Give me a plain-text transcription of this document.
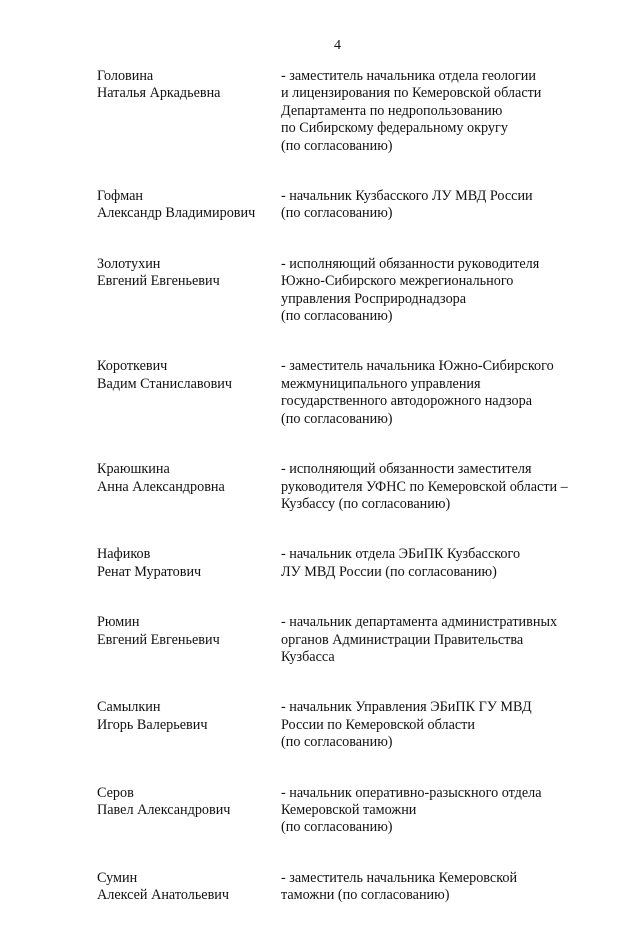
4
Головина
Наталья Аркадьевна
- заместитель начальника отдела геологии
и лицензирования по Кемеровской области
Департамента по недропользованию
по Сибирскому федеральному округу
(по согласованию)
Гофман
Александр Владимирович
- начальник Кузбасского ЛУ МВД России
(по согласованию)
Золотухин
Евгений Евгеньевич
- исполняющий обязанности руководителя
Южно-Сибирского межрегионального
управления Росприроднадзора
(по согласованию)
Короткевич
Вадим Станиславович
- заместитель начальника Южно-Сибирского
межмуниципального управления
государственного автодорожного надзора
(по согласованию)
Краюшкина
Анна Александровна
- исполняющий обязанности заместителя
руководителя УФНС по Кемеровской области –
Кузбассу (по согласованию)
Нафиков
Ренат Муратович
- начальник отдела ЭБиПК Кузбасского
ЛУ МВД России (по согласованию)
Рюмин
Евгений Евгеньевич
- начальник департамента административных
органов Администрации Правительства
Кузбасса
Самылкин
Игорь Валерьевич
- начальник Управления ЭБиПК ГУ МВД
России по Кемеровской области
(по согласованию)
Серов
Павел Александрович
- начальник оперативно-разыскного отдела
Кемеровской таможни
(по согласованию)
Сумин
Алексей Анатольевич
- заместитель начальника Кемеровской
таможни (по согласованию)
